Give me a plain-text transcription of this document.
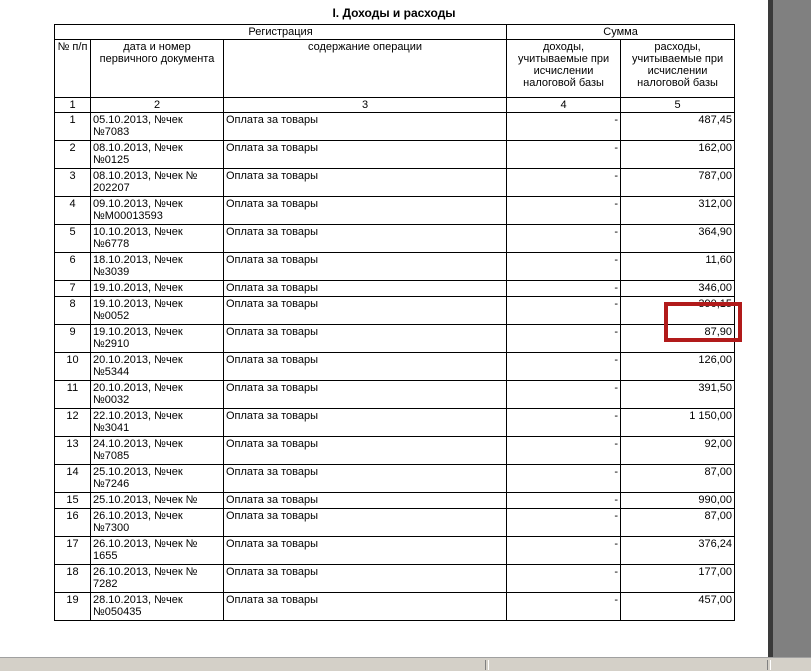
I. Доходы и расходы
Регистрация			Сумма	
№ п/п	дата и номер первичного документа	содержание операции	доходы, учитываемые при исчислении налоговой базы	расходы, учитываемые при исчислении налоговой базы
1	2	3	4	5
1	05.10.2013, №чек №7083	Оплата за товары	-	487,45
2	08.10.2013, №чек №0125	Оплата за товары	-	162,00
3	08.10.2013, №чек № 202207	Оплата за товары	-	787,00
4	09.10.2013, №чек №М00013593	Оплата за товары	-	312,00
5	10.10.2013, №чек №6778	Оплата за товары	-	364,90
6	18.10.2013, №чек №3039	Оплата за товары	-	11,60
7	19.10.2013, №чек	Оплата за товары	-	346,00
8	19.10.2013, №чек №0052	Оплата за товары	-	390,15
9	19.10.2013, №чек №2910	Оплата за товары	-	87,90
10	20.10.2013, №чек №5344	Оплата за товары	-	126,00
11	20.10.2013, №чек №0032	Оплата за товары	-	391,50
12	22.10.2013, №чек №3041	Оплата за товары	-	1 150,00
13	24.10.2013, №чек №7085	Оплата за товары	-	92,00
14	25.10.2013, №чек №7246	Оплата за товары	-	87,00
15	25.10.2013, №чек №	Оплата за товары	-	990,00
16	26.10.2013, №чек №7300	Оплата за товары	-	87,00
17	26.10.2013, №чек № 1655	Оплата за товары	-	376,24
18	26.10.2013, №чек № 7282	Оплата за товары	-	177,00
19	28.10.2013, №чек №050435	Оплата за товары	-	457,00
